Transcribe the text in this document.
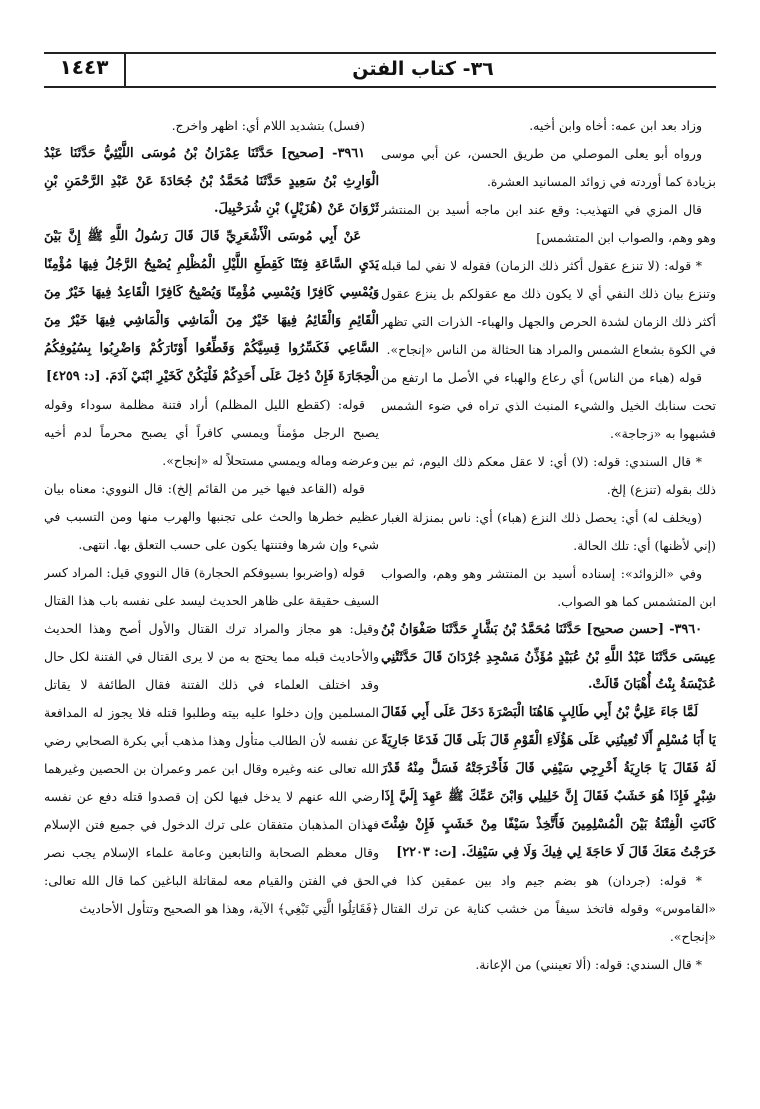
١٤٤٣	٣٦- كتاب الفتن

وزاد بعد ابن عمه: أخاه وابن أخيه.

ورواه أبو يعلى الموصلي من طريق الحسن، عن أبي موسى بزيادة كما أوردته في زوائد المسانيد العشرة.

قال المزي في التهذيب: وقع عند ابن ماجه أسيد بن المنتشر وهو وهم، والصواب ابن المتشمس]

* قوله: (لا تنزع عقول أكثر ذلك الزمان) فقوله لا نفي لما قبله وتنزع بيان ذلك النفي أي لا يكون ذلك مع عقولكم بل ينزع عقول أكثر ذلك الزمان لشدة الحرص والجهل والهباء- الذرات التي تظهر في الكوة بشعاع الشمس والمراد هنا الحثالة من الناس «إنجاح».

قوله (هباء من الناس) أي رعاع والهباء في الأصل ما ارتفع من تحت سنابك الخيل والشيء المنبث الذي تراه في ضوء الشمس فشبهوا به «زجاجة».

* قال السندي: قوله: (لا) أي: لا عقل معكم ذلك اليوم، ثم بين ذلك بقوله (تنزع) إلخ.

(ويخلف له) أي: يحصل ذلك النزع (هباء) أي: ناس بمنزلة الغبار (إني لأظنها) أي: تلك الحالة.

وفي «الزوائد»: إسناده أسيد بن المنتشر وهو وهم، والصواب ابن المتشمس كما هو الصواب.

٣٩٦٠- [حسن صحيح] حَدَّثَنَا مُحَمَّدُ بْنُ بَشَّارٍ حَدَّثَنَا صَفْوَانُ بْنُ عِيسَى حَدَّثَنَا عَبْدُ اللَّهِ بْنُ عُبَيْدٍ مُؤَذِّنُ مَسْجِدِ جُرْدَانَ قَالَ حَدَّثَتْنِي عُدَيْسَةُ بِنْتُ أُهْبَانَ قَالَتْ.

لَمَّا جَاءَ عَلِيُّ بْنُ أَبِي طَالِبٍ هَاهُنَا الْبَصْرَةَ دَخَلَ عَلَى أَبِي فَقَالَ يَا أَبَا مُسْلِمٍ أَلَا تُعِينُنِي عَلَى هَؤُلَاءِ الْقَوْمِ قَالَ بَلَى قَالَ فَدَعَا جَارِيَةً لَهُ فَقَالَ يَا جَارِيَةُ أَخْرِجِي سَيْفِي قَالَ فَأَخْرَجَتْهُ فَسَلَّ مِنْهُ قَدْرَ شِبْرٍ فَإِذَا هُوَ خَشَبٌ فَقَالَ إِنَّ خَلِيلِي وَابْنَ عَمِّكَ ﷺ عَهِدَ إِلَيَّ إِذَا كَانَتِ الْفِتْنَةُ بَيْنَ الْمُسْلِمِينَ فَأَتَّخِذْ سَيْفًا مِنْ خَشَبٍ فَإِنْ شِئْتَ خَرَجْتُ مَعَكَ قَالَ لَا حَاجَةَ لِي فِيكَ وَلَا فِي سَيْفِكَ. [ت: ٢٢٠٣]

* قوله: (جردان) هو بضم جيم واد بين عمقين كذا في «القاموس» وقوله فاتخذ سيفاً من خشب كناية عن ترك القتال «إنجاح».

* قال السندي: قوله: (ألا تعينني) من الإعانة.

(فسل) بتشديد اللام أي: اظهر واخرج.

٣٩٦١- [صحيح] حَدَّثَنَا عِمْرَانُ بْنُ مُوسَى اللَّيْثِيُّ حَدَّثَنَا عَبْدُ الْوَارِثِ بْنُ سَعِيدٍ حَدَّثَنَا مُحَمَّدُ بْنُ جُحَادَةَ عَنْ عَبْدِ الرَّحْمَنِ بْنِ ثَرْوَانَ عَنْ (هُزَيْلٍ) بْنِ شُرَحْبِيلَ.

عَنْ أَبِي مُوسَى الْأَشْعَرِيِّ قَالَ قَالَ رَسُولُ اللَّهِ ﷺ إِنَّ بَيْنَ يَدَيِ السَّاعَةِ فِتَنًا كَقِطَعِ اللَّيْلِ الْمُظْلِمِ يُصْبِحُ الرَّجُلُ فِيهَا مُؤْمِنًا وَيُمْسِي كَافِرًا وَيُمْسِي مُؤْمِنًا وَيُصْبِحُ كَافِرًا الْقَاعِدُ فِيهَا خَيْرٌ مِنَ الْقَائِمِ وَالْقَائِمُ فِيهَا خَيْرٌ مِنَ الْمَاشِي وَالْمَاشِي فِيهَا خَيْرٌ مِنَ السَّاعِي فَكَسِّرُوا قِسِيَّكُمْ وَقَطِّعُوا أَوْتَارَكُمْ وَاضْرِبُوا بِسُيُوفِكُمُ الْحِجَارَةَ فَإِنْ دُخِلَ عَلَى أَحَدِكُمْ فَلْيَكُنْ كَخَيْرِ ابْنَيْ آدَمَ. [د: ٤٢٥٩]

قوله: (كقطع الليل المظلم) أراد فتنة مظلمة سوداء وقوله يصبح الرجل مؤمناً ويمسي كافراً أي يصبح محرماً لدم أخيه وعرضه وماله ويمسي مستحلاً له «إنجاح».

قوله (القاعد فيها خير من القائم إلخ): قال النووي: معناه بيان عظيم خطرها والحث على تجنبها والهرب منها ومن التسبب في شيء وإن شرها وفتنتها يكون على حسب التعلق بها. انتهى.

قوله (واضربوا بسيوفكم الحجارة) قال النووي قيل: المراد كسر السيف حقيقة على ظاهر الحديث ليسد على نفسه باب هذا القتال وقيل: هو مجاز والمراد ترك القتال والأول أصح وهذا الحديث والأحاديث قبله مما يحتج به من لا يرى القتال في الفتنة لكل حال وقد اختلف العلماء في ذلك الفتنة فقال الطائفة لا يقاتل المسلمين وإن دخلوا عليه بيته وطلبوا قتله فلا يجوز له المدافعة عن نفسه لأن الطالب متأول وهذا مذهب أبي بكرة الصحابي رضي الله تعالى عنه وغيره وقال ابن عمر وعمران بن الحصين وغيرهما رضي الله عنهم لا يدخل فيها لكن إن قصدوا قتله دفع عن نفسه فهذان المذهبان متفقان على ترك الدخول في جميع فتن الإسلام وقال معظم الصحابة والتابعين وعامة علماء الإسلام يجب نصر الحق في الفتن والقيام معه لمقاتلة الباغين كما قال الله تعالى: ﴿فَقَاتِلُوا الَّتِي تَبْغِي﴾ الآية، وهذا هو الصحيح وتتأول الأحاديث
